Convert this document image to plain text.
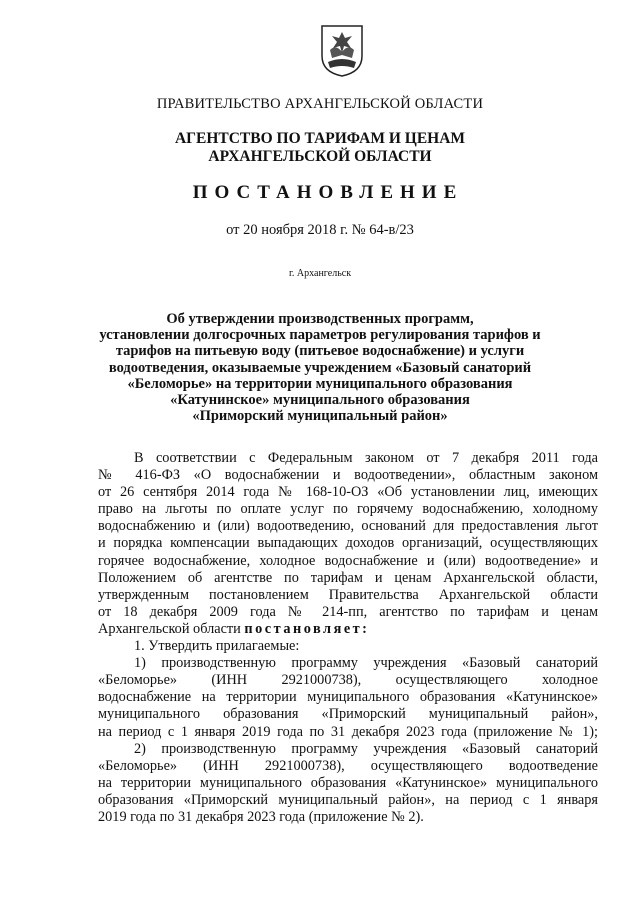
ПРАВИТЕЛЬСТВО АРХАНГЕЛЬСКОЙ ОБЛАСТИ
АГЕНТСТВО ПО ТАРИФАМ И ЦЕНАМ
АРХАНГЕЛЬСКОЙ ОБЛАСТИ
ПОСТАНОВЛЕНИЕ
от 20 ноября 2018 г. № 64-в/23
г. Архангельск
Об утверждении производственных программ,
установлении долгосрочных параметров регулирования тарифов и
тарифов на питьевую воду (питьевое водоснабжение) и услуги
водоотведения, оказываемые учреждением «Базовый санаторий
«Беломорье» на территории муниципального образования
«Катунинское» муниципального образования
«Приморский муниципальный район»
В соответствии с Федеральным законом от 7 декабря 2011 года
№ 416-ФЗ «О водоснабжении и водоотведении», областным законом
от 26 сентября 2014 года № 168-10-ОЗ «Об установлении лиц, имеющих
право на льготы по оплате услуг по горячему водоснабжению, холодному
водоснабжению и (или) водоотведению, оснований для предоставления льгот
и порядка компенсации выпадающих доходов организаций, осуществляющих
горячее водоснабжение, холодное водоснабжение и (или) водоотведение» и
Положением об агентстве по тарифам и ценам Архангельской области,
утвержденным постановлением Правительства Архангельской области
от 18 декабря 2009 года № 214-пп, агентство по тарифам и ценам
Архангельской области постановляет:
1. Утвердить прилагаемые:
1) производственную программу учреждения «Базовый санаторий
«Беломорье» (ИНН 2921000738), осуществляющего холодное
водоснабжение на территории муниципального образования «Катунинское»
муниципального образования «Приморский муниципальный район»,
на период с 1 января 2019 года по 31 декабря 2023 года (приложение № 1);
2) производственную программу учреждения «Базовый санаторий
«Беломорье» (ИНН 2921000738), осуществляющего водоотведение
на территории муниципального образования «Катунинское» муниципального
образования «Приморский муниципальный район», на период с 1 января
2019 года по 31 декабря 2023 года (приложение № 2).
